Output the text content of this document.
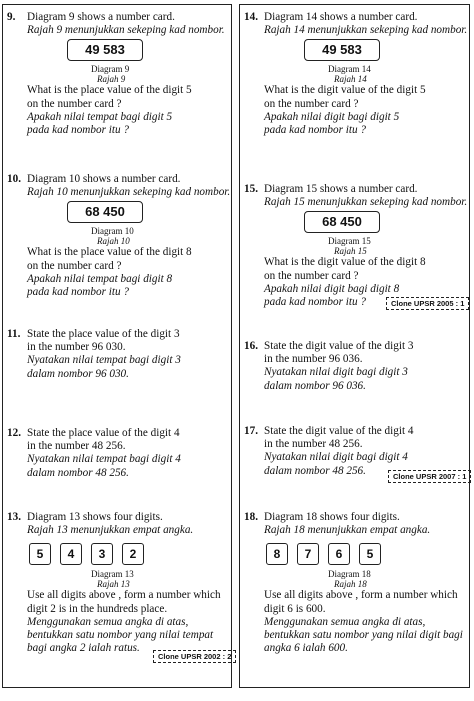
9. Diagram 9 shows a number card.
Rajah 9 menunjukkan sekeping kad nombor.
49 583
Diagram 9
Rajah 9
What is the place value of the digit 5
on the number card ?
Apakah nilai tempat bagi digit 5
pada kad nombor itu ?
10. Diagram 10 shows a number card.
Rajah 10 menunjukkan sekeping kad nombor.
68 450
Diagram 10
Rajah 10
What is the place value of the digit 8
on the number card ?
Apakah nilai tempat bagi digit 8
pada kad nombor itu ?
11. State the place value of the digit 3
in the number 96 030.
Nyatakan nilai tempat bagi digit 3
dalam nombor 96 030.
12. State the place value of the digit 4
in the number 48 256.
Nyatakan nilai tempat bagi digit 4
dalam nombor 48 256.
13. Diagram 13 shows four digits.
Rajah 13 menunjukkan empat angka.
5	4	3	2
Diagram 13
Rajah 13
Use all digits above , form a number which
digit 2 is in the hundreds place.
Menggunakan semua angka di atas,
bentukkan satu nombor yang nilai tempat
bagi angka 2 ialah ratus.
Clone UPSR 2002 : 2
14. Diagram 14 shows a number card.
Rajah 14 menunjukkan sekeping kad nombor.
49 583
Diagram 14
Rajah 14
What is the digit value of the digit 5
on the number card ?
Apakah nilai digit bagi digit 5
pada kad nombor itu ?
15. Diagram 15 shows a number card.
Rajah 15 menunjukkan sekeping kad nombor.
68 450
Diagram 15
Rajah 15
What is the digit value of the digit 8
on the number card ?
Apakah nilai digit bagi digit 8
pada kad nombor itu ?	Clone UPSR 2005 : 1
16. State the digit value of the digit 3
in the number 96 036.
Nyatakan nilai digit bagi digit 3
dalam nombor 96 036.
17. State the digit value of the digit 4
in the number 48 256.
Nyatakan nilai digit bagi digit 4
dalam nombor 48 256.	Clone UPSR 2007 : 1
18. Diagram 18 shows four digits.
Rajah 18 menunjukkan empat angka.
8	7	6	5
Diagram 18
Rajah 18
Use all digits above , form a number which
digit 6 is 600.
Menggunakan semua angka di atas,
bentukkan satu nombor yang nilai digit bagi
angka 6 ialah 600.
